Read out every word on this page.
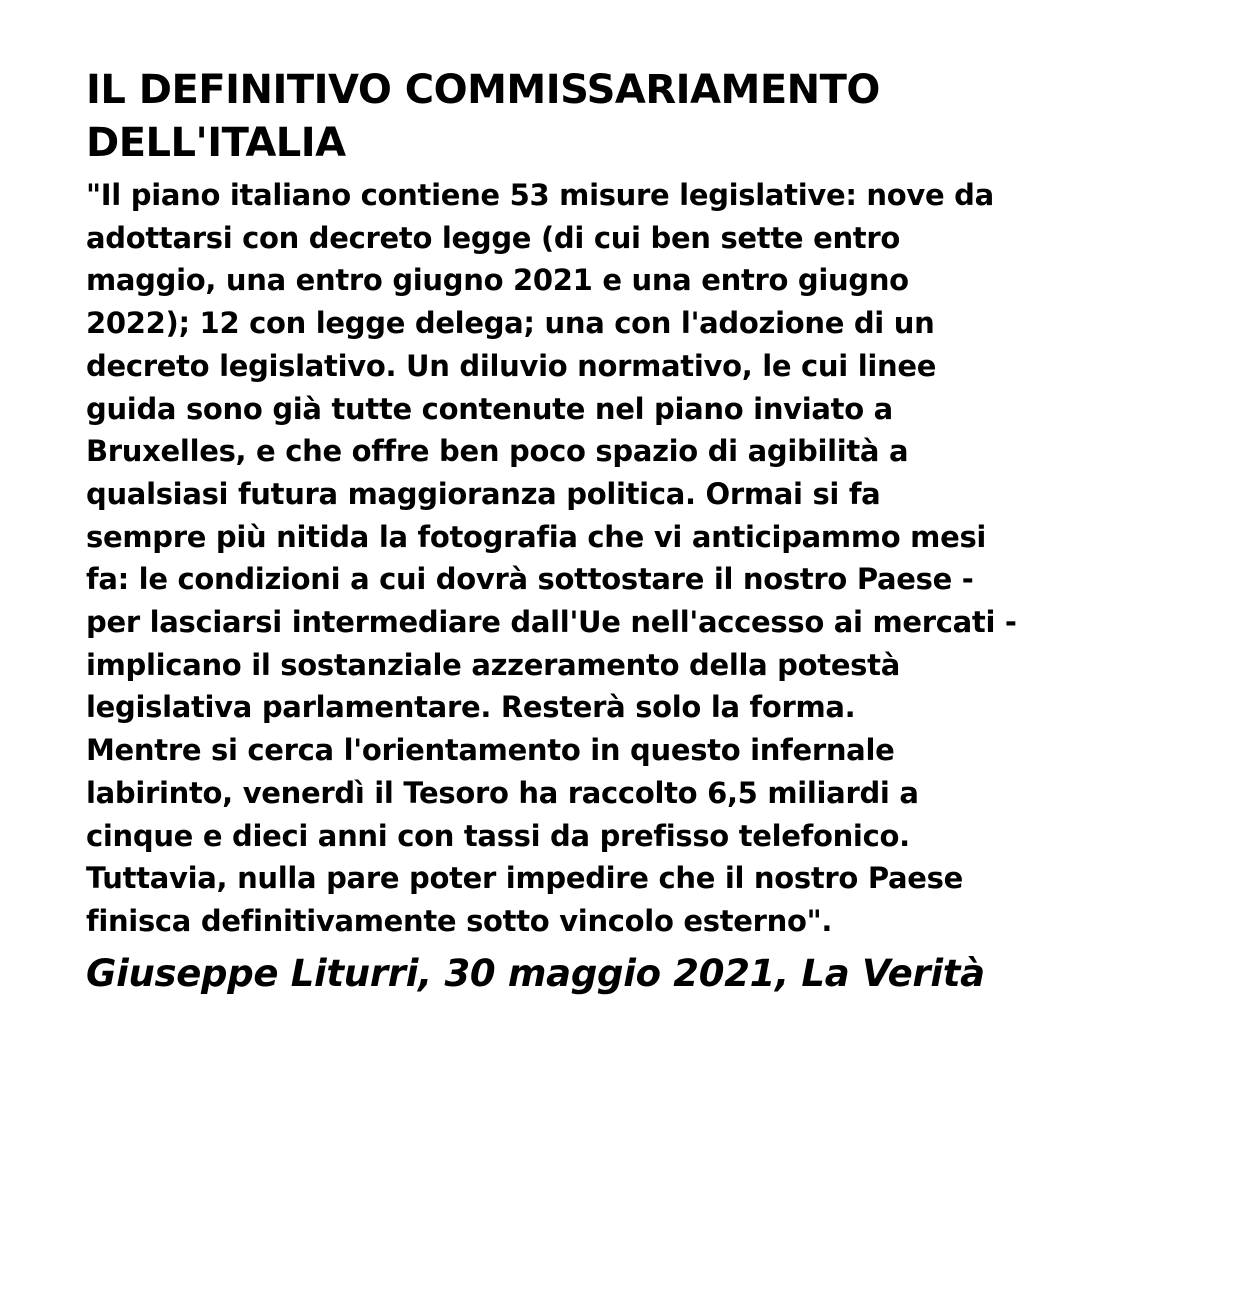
IL DEFINITIVO COMMISSARIAMENTO
DELL'ITALIA
"Il piano italiano contiene 53 misure legislative: nove da
adottarsi con decreto legge (di cui ben sette entro
maggio, una entro giugno 2021 e una entro giugno
2022); 12 con legge delega; una con l'adozione di un
decreto legislativo. Un diluvio normativo, le cui linee
guida sono già tutte contenute nel piano inviato a
Bruxelles, e che offre ben poco spazio di agibilità a
qualsiasi futura maggioranza politica. Ormai si fa
sempre più nitida la fotografia che vi anticipammo mesi
fa: le condizioni a cui dovrà sottostare il nostro Paese -
per lasciarsi intermediare dall'Ue nell'accesso ai mercati -
implicano il sostanziale azzeramento della potestà
legislativa parlamentare. Resterà solo la forma.
Mentre si cerca l'orientamento in questo infernale
labirinto, venerdì il Tesoro ha raccolto 6,5 miliardi a
cinque e dieci anni con tassi da prefisso telefonico.
Tuttavia, nulla pare poter impedire che il nostro Paese
finisca definitivamente sotto vincolo esterno".
Giuseppe Liturri, 30 maggio 2021, La Verità
